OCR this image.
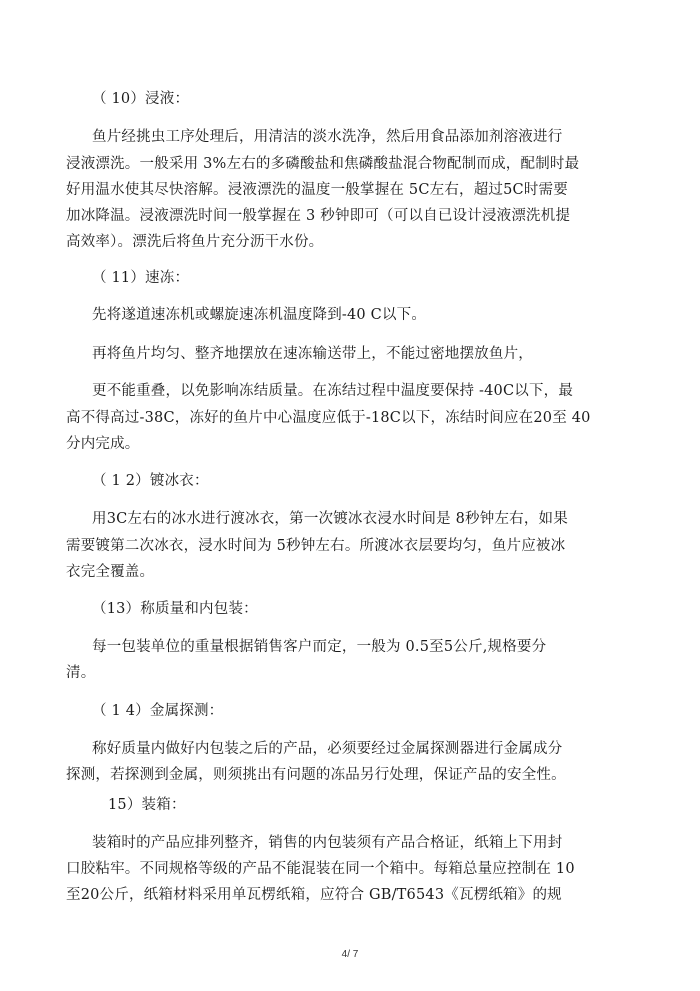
（ 10）浸液：
鱼片经挑虫工序处理后，用清洁的淡水洗净，然后用食品添加剂溶液进行
浸液漂洗。一般采用 3%左右的多磷酸盐和焦磷酸盐混合物配制而成，配制时最
好用温水使其尽快溶解。浸液漂洗的温度一般掌握在 5C左右，超过5C时需要
加冰降温。浸液漂洗时间一般掌握在 3 秒钟即可（可以自已设计浸液漂洗机提
高效率）。漂洗后将鱼片充分沥干水份。
（ 11）速冻：
先将遂道速冻机或螺旋速冻机温度降到-40 C以下。
再将鱼片均匀、整齐地摆放在速冻输送带上，不能过密地摆放鱼片，
更不能重叠，以免影响冻结质量。在冻结过程中温度要保持 -40C以下，最
高不得高过-38C，冻好的鱼片中心温度应低于-18C以下，冻结时间应在20至 40
分内完成。
（ 1 2）镀冰衣：
用3C左右的冰水进行渡冰衣，第一次镀冰衣浸水时间是 8秒钟左右，如果
需要镀第二次冰衣，浸水时间为 5秒钟左右。所渡冰衣层要均匀，鱼片应被冰
衣完全覆盖。
（13）称质量和内包装：
每一包装单位的重量根据销售客户而定，一般为 0.5至5公斤,规格要分
清。
（ 1 4）金属探测：
称好质量内做好内包装之后的产品，必须要经过金属探测器进行金属成分
探测，若探测到金属，则须挑出有问题的冻品另行处理，保证产品的安全性。
15）装箱：
装箱时的产品应排列整齐，销售的内包装须有产品合格证，纸箱上下用封
口胶粘牢。不同规格等级的产品不能混装在同一个箱中。每箱总量应控制在 10
至20公斤，纸箱材料采用单瓦楞纸箱，应符合 GB/T6543《瓦楞纸箱》的规
4/ 7
